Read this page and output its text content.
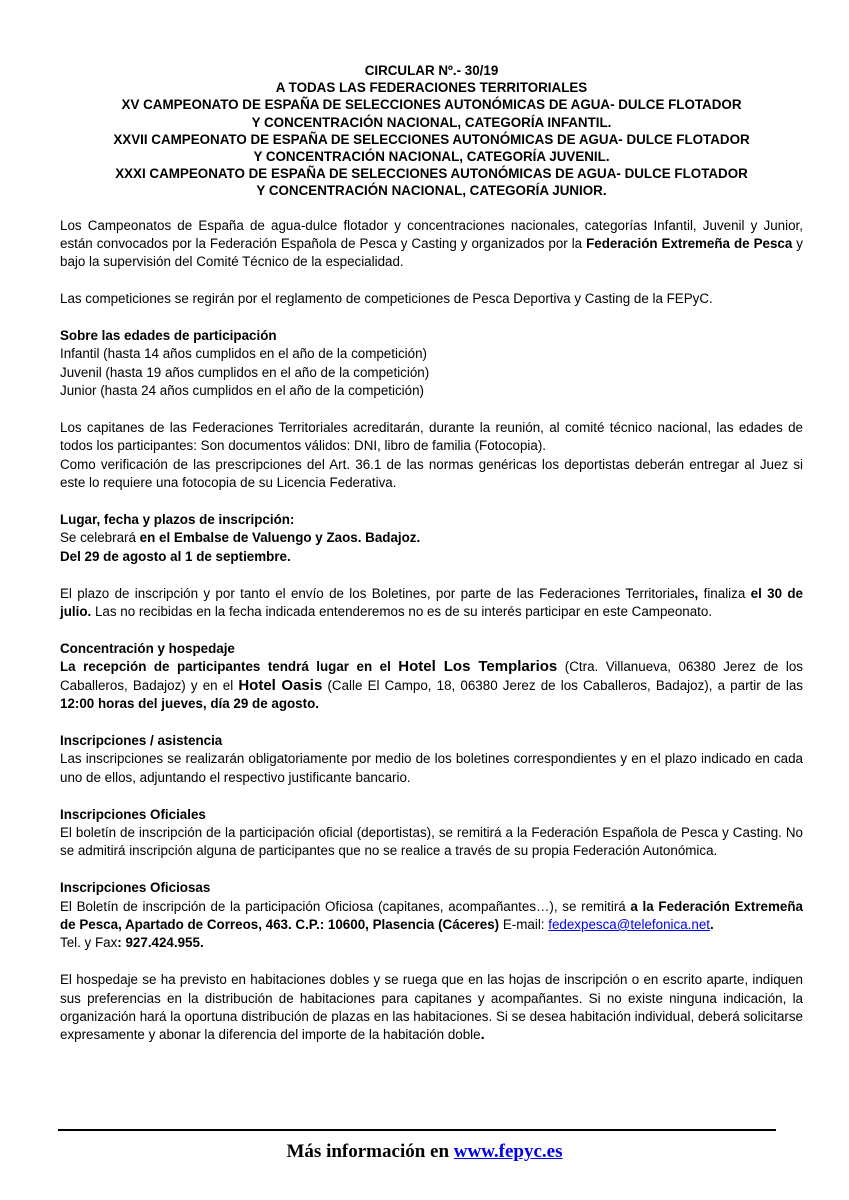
CIRCULAR Nº.- 30/19
A TODAS LAS FEDERACIONES TERRITORIALES
XV CAMPEONATO DE ESPAÑA DE SELECCIONES AUTONÓMICAS DE AGUA- DULCE FLOTADOR
Y CONCENTRACIÓN NACIONAL, CATEGORÍA INFANTIL.
XXVII CAMPEONATO DE ESPAÑA DE SELECCIONES AUTONÓMICAS DE AGUA- DULCE FLOTADOR
Y CONCENTRACIÓN NACIONAL, CATEGORÍA JUVENIL.
XXXI CAMPEONATO DE ESPAÑA DE SELECCIONES AUTONÓMICAS DE AGUA- DULCE FLOTADOR
Y CONCENTRACIÓN NACIONAL, CATEGORÍA JUNIOR.
Los Campeonatos de España de agua-dulce flotador y concentraciones nacionales, categorías Infantil, Juvenil y Junior, están convocados por la Federación Española de Pesca y Casting y organizados por la Federación Extremeña de Pesca y bajo la supervisión del Comité Técnico de la especialidad.
Las competiciones se regirán por el reglamento de competiciones de Pesca Deportiva y Casting de la FEPyC.
Sobre las edades de participación
Infantil (hasta 14 años cumplidos en el año de la competición)
Juvenil (hasta 19 años cumplidos en el año de la competición)
Junior (hasta 24 años cumplidos en el año de la competición)
Los capitanes de las Federaciones Territoriales acreditarán, durante la reunión, al comité técnico nacional, las edades de todos los participantes: Son documentos válidos: DNI, libro de familia (Fotocopia).
Como verificación de las prescripciones del Art. 36.1 de las normas genéricas los deportistas deberán entregar al Juez si este lo requiere una fotocopia de su Licencia Federativa.
Lugar, fecha y plazos de inscripción:
Se celebrará en el Embalse de Valuengo y Zaos. Badajoz.
Del 29 de agosto al 1 de septiembre.
El plazo de inscripción y por tanto el envío de los Boletines, por parte de las Federaciones Territoriales, finaliza el 30 de julio. Las no recibidas en la fecha indicada entenderemos no es de su interés participar en este Campeonato.
Concentración y hospedaje
La recepción de participantes tendrá lugar en el Hotel Los Templarios (Ctra. Villanueva, 06380 Jerez de los Caballeros, Badajoz) y en el Hotel Oasis (Calle El Campo, 18, 06380 Jerez de los Caballeros, Badajoz), a partir de las 12:00 horas del jueves, día 29 de agosto.
Inscripciones / asistencia
Las inscripciones se realizarán obligatoriamente por medio de los boletines correspondientes y en el plazo indicado en cada uno de ellos, adjuntando el respectivo justificante bancario.
Inscripciones Oficiales
El boletín de inscripción de la participación oficial (deportistas), se remitirá a la Federación Española de Pesca y Casting. No se admitirá inscripción alguna de participantes que no se realice a través de su propia Federación Autonómica.
Inscripciones Oficiosas
El Boletín de inscripción de la participación Oficiosa (capitanes, acompañantes…), se remitirá a la Federación Extremeña de Pesca, Apartado de Correos, 463. C.P.: 10600, Plasencia (Cáceres) E-mail: fedexpesca@telefonica.net.
Tel. y Fax: 927.424.955.
El hospedaje se ha previsto en habitaciones dobles y se ruega que en las hojas de inscripción o en escrito aparte, indiquen sus preferencias en la distribución de habitaciones para capitanes y acompañantes. Si no existe ninguna indicación, la organización hará la oportuna distribución de plazas en las habitaciones. Si se desea habitación individual, deberá solicitarse expresamente y abonar la diferencia del importe de la habitación doble.
Más información en www.fepyc.es
